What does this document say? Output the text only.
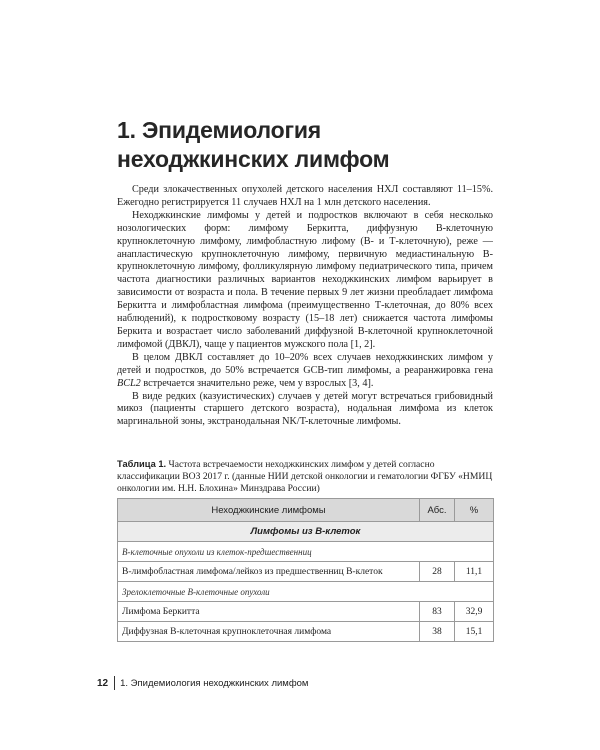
1. Эпидемиология
неходжкинских лимфом

Среди злокачественных опухолей детского населения НХЛ составляют 11–15%. Ежегодно регистрируется 11 случаев НХЛ на 1 млн детского населения.

Неходжкинские лимфомы у детей и подростков включают в себя несколько нозологических форм: лимфому Беркитта, диффузную В-клеточную крупноклеточную лимфому, лимфобластную лифому (В- и Т-клеточную), реже — анапластическую крупноклеточную лимфому, первичную медиастинальную В-крупноклеточную лимфому, фолликулярную лимфому педиатрического типа, причем частота диагностики различных вариантов неходжкинских лимфом варьирует в зависимости от возраста и пола. В течение первых 9 лет жизни преобладает лимфома Беркитта и лимфобластная лимфома (преимущественно Т-клеточная, до 80% всех наблюдений), к подростковому возрасту (15–18 лет) снижается частота лимфомы Беркита и возрастает число заболеваний диффузной В-клеточной крупноклеточной лимфомой (ДВКЛ), чаще у пациентов мужского пола [1, 2].

В целом ДВКЛ составляет до 10–20% всех случаев неходжкинских лимфом у детей и подростков, до 50% встречается GCB-тип лимфомы, а реаранжировка гена BCL2 встречается значительно реже, чем у взрослых [3, 4].

В виде редких (казуистических) случаев у детей могут встречаться грибовидный микоз (пациенты старшего детского возраста), нодальная лимфома из клеток маргинальной зоны, экстранодальная NK/T-клеточные лимфомы.

Таблица 1. Частота встречаемости неходжкинских лимфом у детей согласно классификации ВОЗ 2017 г. (данные НИИ детской онкологии и гематологии ФГБУ «НМИЦ онкологии им. Н.Н. Блохина» Минздрава России)
Неходжкинские лимфомы	Абс.	%
Лимфомы из В-клеток		
В-клеточные опухоли из клеток-предшественниц		
В-лимфобластная лимфома/лейкоз из предшественниц В-клеток	28	11,1
Зрелоклеточные В-клеточные опухоли		
Лимфома Беркитта	83	32,9
Диффузная В-клеточная крупноклеточная лимфома	38	15,1
12 1. Эпидемиология неходжкинских лимфом
